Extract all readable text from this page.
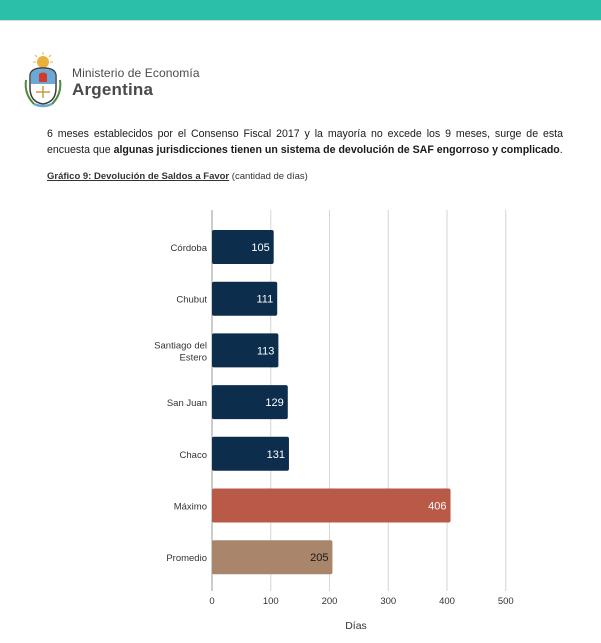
Ministerio de Economía
Argentina
6 meses establecidos por el Consenso Fiscal 2017 y la mayoría no excede los 9 meses, surge de esta encuesta que algunas jurisdicciones tienen un sistema de devolución de SAF engorroso y complicado.
Gráfico 9: Devolución de Saldos a Favor (cantidad de días)
0	100	200	300	400	500
105
Córdoba
111
Chubut
113
Santiago del
Estero
129
San Juan
131
Chaco
406
Máximo
205
Promedio
Días
